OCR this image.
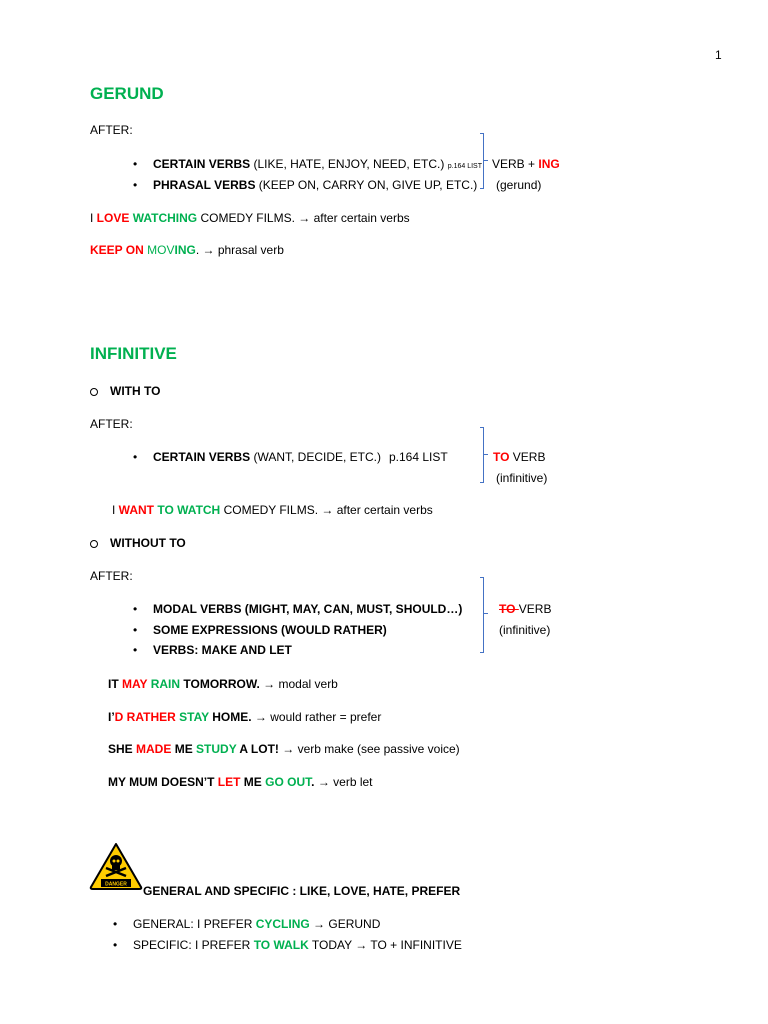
1
GERUND
AFTER:
• CERTAIN VERBS (LIKE, HATE, ENJOY, NEED, ETC.) p.164 LIST
• PHRASAL VERBS (KEEP ON, CARRY ON, GIVE UP, ETC.)
VERB + ING
(gerund)
I LOVE WATCHING COMEDY FILMS. → after certain verbs
KEEP ON MOVING. → phrasal verb
INFINITIVE
WITH TO
AFTER:
• CERTAIN VERBS (WANT, DECIDE, ETC.) p.164 LIST	TO VERB
(infinitive)
I WANT TO WATCH COMEDY FILMS. → after certain verbs
WITHOUT TO
AFTER:
• MODAL VERBS (MIGHT, MAY, CAN, MUST, SHOULD…)
• SOME EXPRESSIONS (WOULD RATHER)
• VERBS: MAKE AND LET
TO VERB
(infinitive)
IT MAY RAIN TOMORROW. → modal verb
I’D RATHER STAY HOME. → would rather = prefer
SHE MADE ME STUDY A LOT! → verb make (see passive voice)
MY MUM DOESN’T LET ME GO OUT. → verb let
DANGER GENERAL AND SPECIFIC : LIKE, LOVE, HATE, PREFER
• GENERAL: I PREFER CYCLING → GERUND
• SPECIFIC: I PREFER TO WALK TODAY → TO + INFINITIVE
